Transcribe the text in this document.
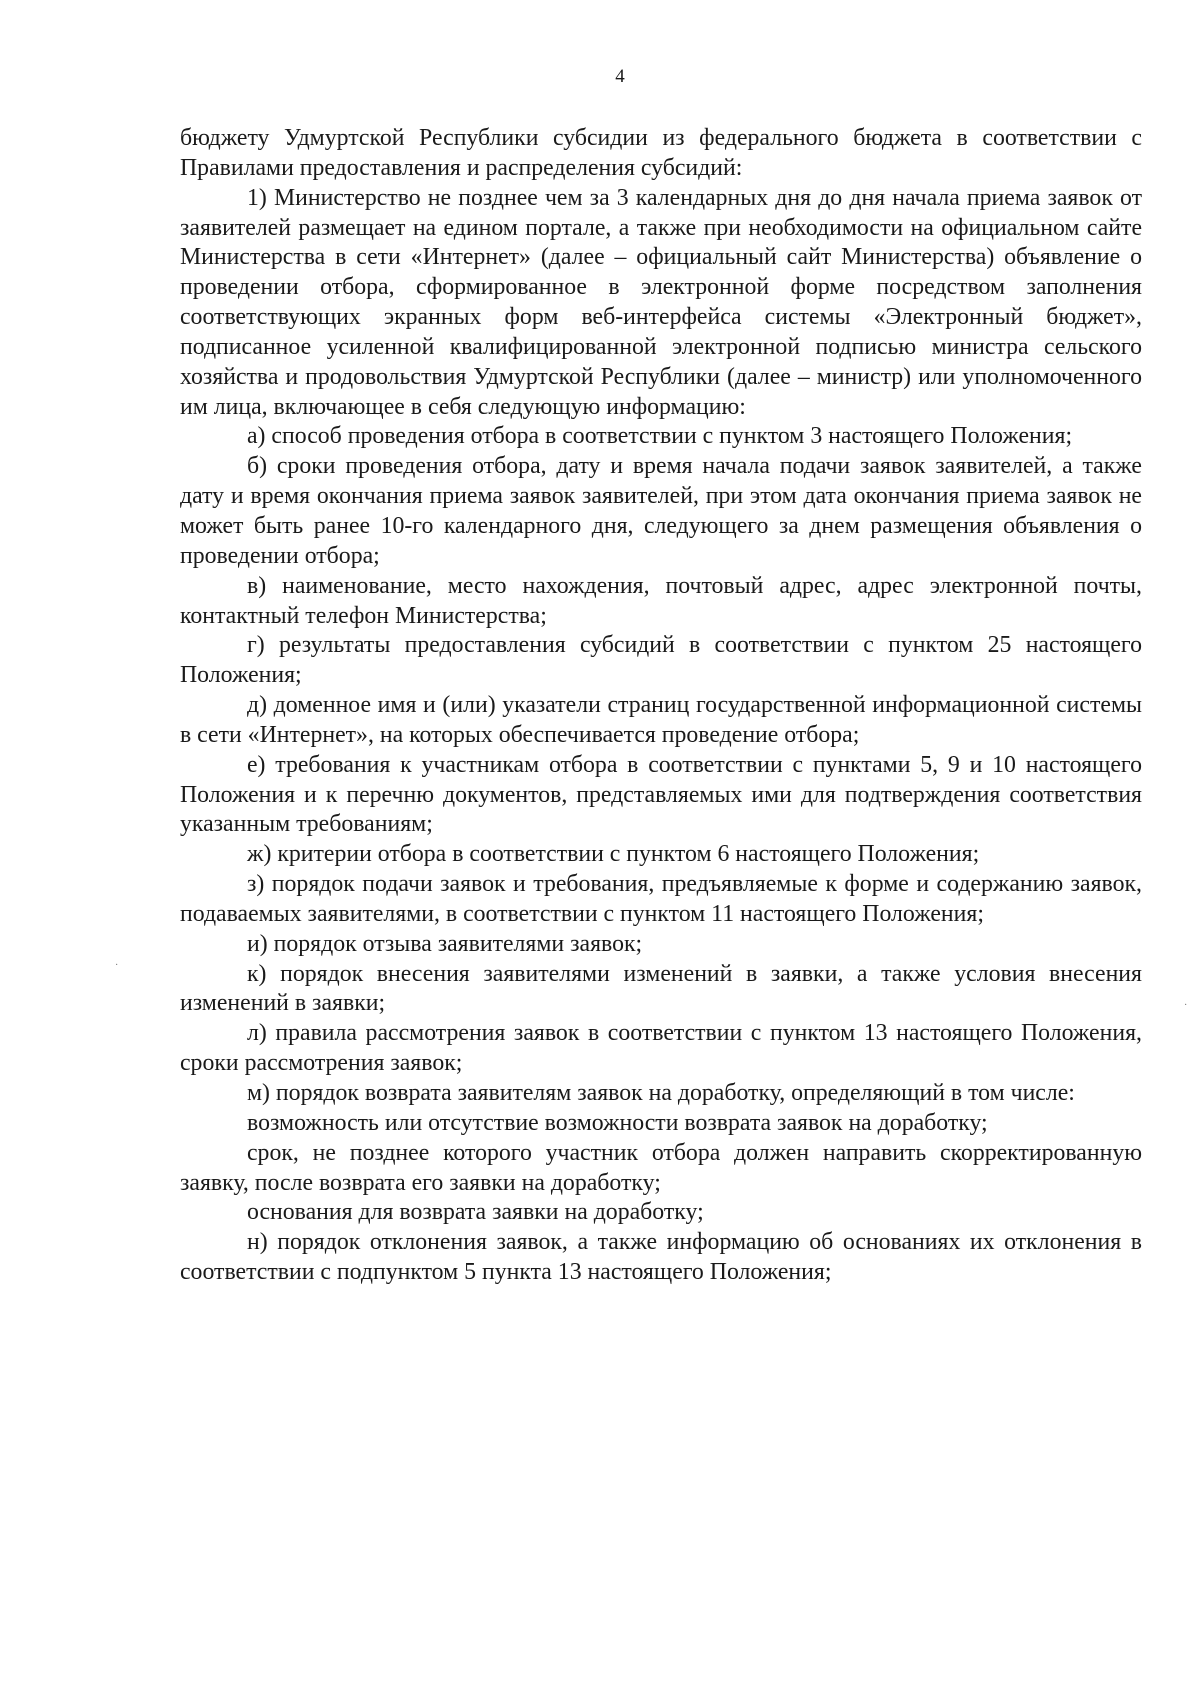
4

бюджету Удмуртской Республики субсидии из федерального бюджета в соответствии с Правилами предоставления и распределения субсидий:

1) Министерство не позднее чем за 3 календарных дня до дня начала приема заявок от заявителей размещает на едином портале, а также при необходимости на официальном сайте Министерства в сети «Интернет» (далее – официальный сайт Министерства) объявление о проведении отбора, сформированное в электронной форме посредством заполнения соответствующих экранных форм веб-интерфейса системы «Электронный бюджет», подписанное усиленной квалифицированной электронной подписью министра сельского хозяйства и продовольствия Удмуртской Республики (далее – министр) или уполномоченного им лица, включающее в себя следующую информацию:

а) способ проведения отбора в соответствии с пунктом 3 настоящего Положения;

б) сроки проведения отбора, дату и время начала подачи заявок заявителей, а также дату и время окончания приема заявок заявителей, при этом дата окончания приема заявок не может быть ранее 10-го календарного дня, следующего за днем размещения объявления о проведении отбора;

в) наименование, место нахождения, почтовый адрес, адрес электронной почты, контактный телефон Министерства;

г) результаты предоставления субсидий в соответствии с пунктом 25 настоящего Положения;

д) доменное имя и (или) указатели страниц государственной информационной системы в сети «Интернет», на которых обеспечивается проведение отбора;

е) требования к участникам отбора в соответствии с пунктами 5, 9 и 10 настоящего Положения и к перечню документов, представляемых ими для подтверждения соответствия указанным требованиям;

ж) критерии отбора в соответствии с пунктом 6 настоящего Положения;

з) порядок подачи заявок и требования, предъявляемые к форме и содержанию заявок, подаваемых заявителями, в соответствии с пунктом 11 настоящего Положения;

и) порядок отзыва заявителями заявок;

к) порядок внесения заявителями изменений в заявки, а также условия внесения изменений в заявки;

л) правила рассмотрения заявок в соответствии с пунктом 13 настоящего Положения, сроки рассмотрения заявок;

м) порядок возврата заявителям заявок на доработку, определяющий в том числе:

возможность или отсутствие возможности возврата заявок на доработку;

срок, не позднее которого участник отбора должен направить скорректированную заявку, после возврата его заявки на доработку;

основания для возврата заявки на доработку;

н) порядок отклонения заявок, а также информацию об основаниях их отклонения в соответствии с подпунктом 5 пункта 13 настоящего Положения;

·
·
